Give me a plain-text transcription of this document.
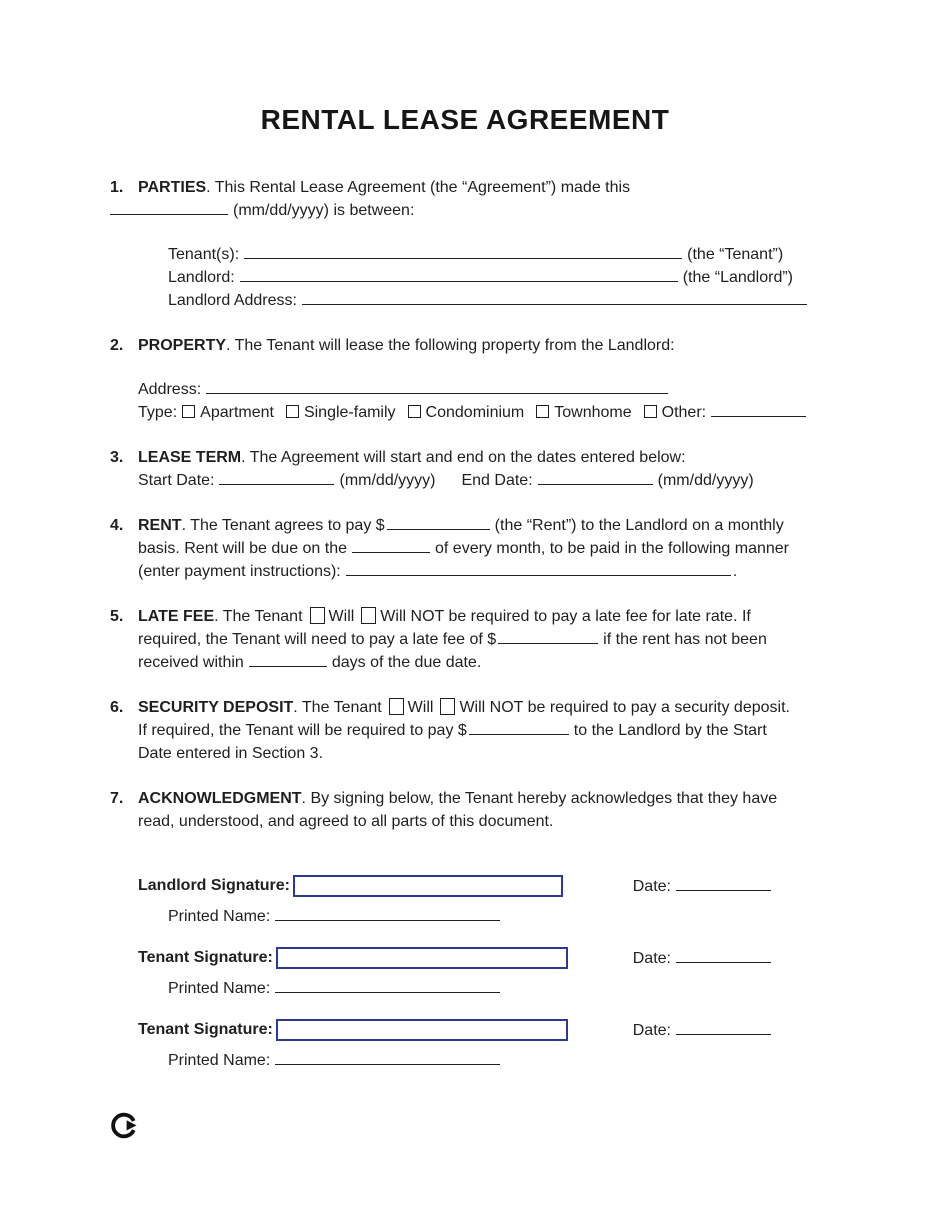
RENTAL LEASE AGREEMENT
1. PARTIES. This Rental Lease Agreement (the “Agreement”) made this
(mm/dd/yyyy) is between:
Tenant(s):	(the “Tenant”)
Landlord:	(the “Landlord”)
Landlord Address:
2. PROPERTY. The Tenant will lease the following property from the Landlord:
Address:
Type: Apartment Single-family Condominium Townhome Other:
3. LEASE TERM. The Agreement will start and end on the dates entered below:
Start Date:	(mm/dd/yyyy) End Date:	(mm/dd/yyyy)
4. RENT. The Tenant agrees to pay $	(the “Rent”) to the Landlord on a monthly
basis. Rent will be due on the	of every month, to be paid in the following manner
(enter payment instructions):	.
5. LATE FEE. The Tenant Will Will NOT be required to pay a late fee for late rate. If
required, the Tenant will need to pay a late fee of $	if the rent has not been
received within	days of the due date.
6. SECURITY DEPOSIT. The Tenant Will Will NOT be required to pay a security deposit.
If required, the Tenant will be required to pay $	to the Landlord by the Start
Date entered in Section 3.
7. ACKNOWLEDGMENT. By signing below, the Tenant hereby acknowledges that they have
read, understood, and agreed to all parts of this document.
Landlord Signature:	Date:
Printed Name:
Tenant Signature:	Date:
Printed Name:
Tenant Signature:	Date:
Printed Name:
